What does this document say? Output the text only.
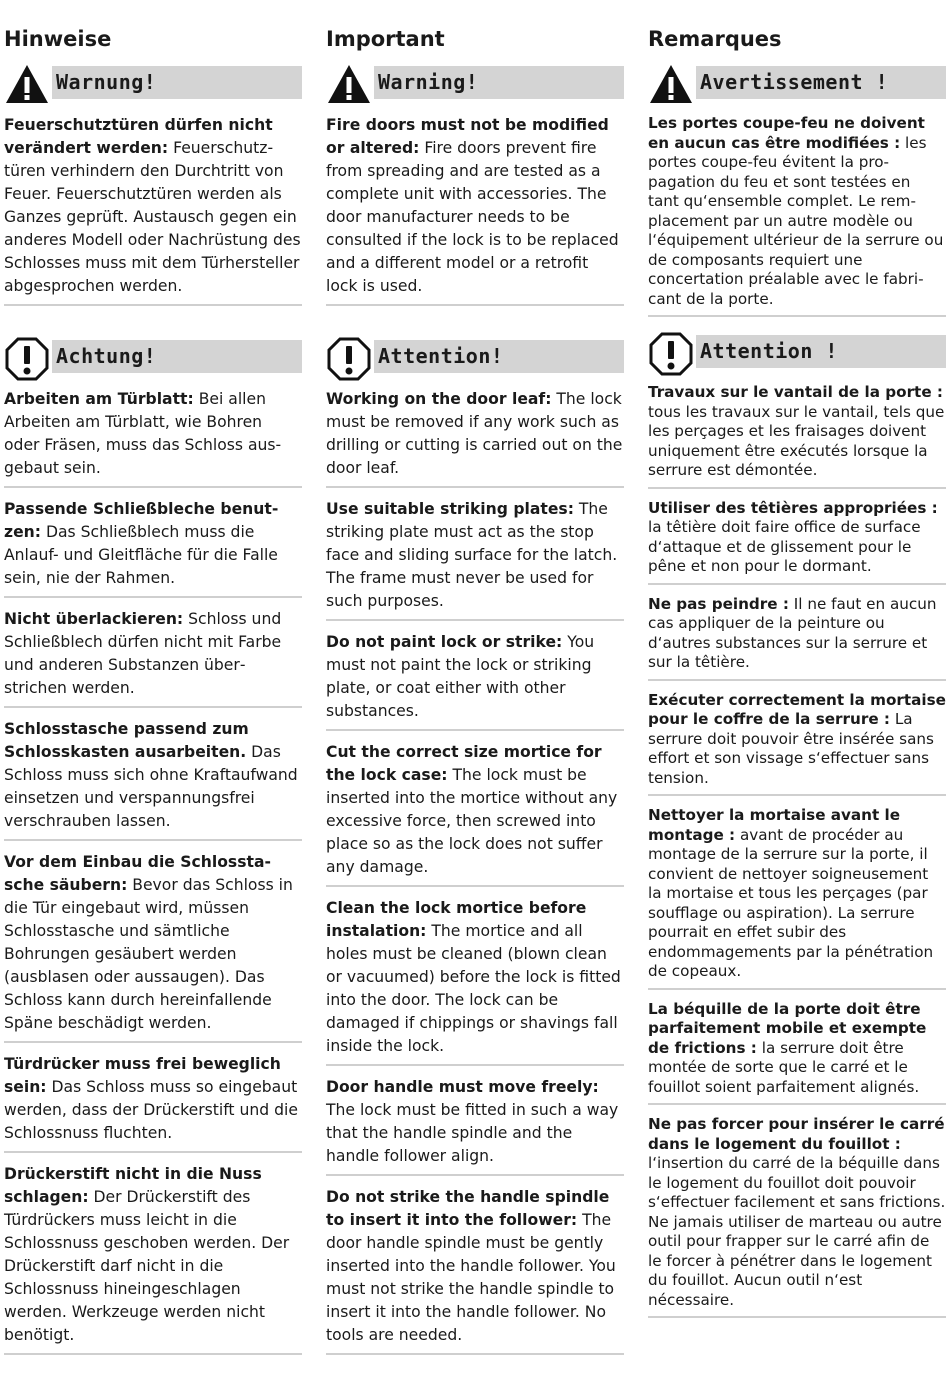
Hinweise
Warnung!

Feuerschutztüren dürfen nicht verändert werden: Feuerschutztüren verhindern den Durchtritt von Feuer. Feuerschutztüren werden als Ganzes geprüft. Austausch gegen ein anderes Modell oder Nachrüstung des Schlosses muss mit dem Türhersteller abgesprochen werden.

Achtung!

Arbeiten am Türblatt: Bei allen Arbeiten am Türblatt, wie Bohren oder Fräsen, muss das Schloss ausgebaut sein.

Passende Schließbleche benutzen: Das Schließblech muss die Anlauf- und Gleitfläche für die Falle sein, nie der Rahmen.

Nicht überlackieren: Schloss und Schließblech dürfen nicht mit Farbe und anderen Substanzen überstrichen werden.

Schlosstasche passend zum Schlosskasten ausarbeiten. Das Schloss muss sich ohne Kraftaufwand einsetzen und verspannungsfrei verschrauben lassen.

Vor dem Einbau die Schlosstasche säubern: Bevor das Schloss in die Tür eingebaut wird, müssen Schlosstasche und sämtliche Bohrungen gesäubert werden (ausblasen oder aussaugen). Das Schloss kann durch hereinfallende Späne beschädigt werden.

Türdrücker muss frei beweglich sein: Das Schloss muss so eingebaut werden, dass der Drückerstift und die Schlossnuss fluchten.

Drückerstift nicht in die Nuss schlagen: Der Drückerstift des Türdrückers muss leicht in die Schlossnuss geschoben werden. Der Drückerstift darf nicht in die Schlossnuss hineingeschlagen werden. Werkzeuge werden nicht benötigt.

Important
Warning!

Fire doors must not be modified or altered: Fire doors prevent fire from spreading and are tested as a complete unit with accessories. The door manufacturer needs to be consulted if the lock is to be replaced and a different model or a retrofit lock is used.

Attention!

Working on the door leaf: The lock must be removed if any work such as drilling or cutting is carried out on the door leaf.

Use suitable striking plates: The striking plate must act as the stop face and sliding surface for the latch. The frame must never be used for such purposes.

Do not paint lock or strike: You must not paint the lock or striking plate, or coat either with other substances.

Cut the correct size mortice for the lock case: The lock must be inserted into the mortice without any excessive force, then screwed into place so as the lock does not suffer any damage.

Clean the lock mortice before instalation: The mortice and all holes must be cleaned (blown clean or vacuumed) before the lock is fitted into the door. The lock can be damaged if chippings or shavings fall inside the lock.

Door handle must move freely: The lock must be fitted in such a way that the handle spindle and the handle follower align.

Do not strike the handle spindle to insert it into the follower: The door handle spindle must be gently inserted into the handle follower. You must not strike the handle spindle to insert it into the handle follower. No tools are needed.

Remarques
Avertissement !

Les portes coupe-feu ne doivent en aucun cas être modifiées : les portes coupe-feu évitent la propagation du feu et sont testées en tant qu‘ensemble complet. Le remplacement par un autre modèle ou l‘équipement ultérieur de la serrure ou de composants requiert une concertation préalable avec le fabricant de la porte.

Attention !

Travaux sur le vantail de la porte : tous les travaux sur le vantail, tels que les perçages et les fraisages doivent uniquement être exécutés lorsque la serrure est démontée.

Utiliser des têtières appropriées : la têtière doit faire office de surface d‘attaque et de glissement pour le pêne et non pour le dormant.

Ne pas peindre : Il ne faut en aucun cas appliquer de la peinture ou d‘autres substances sur la serrure et sur la têtière.

Exécuter correctement la mortaise pour le coffre de la serrure : La serrure doit pouvoir être insérée sans effort et son vissage s‘effectuer sans tension.

Nettoyer la mortaise avant le montage : avant de procéder au montage de la serrure sur la porte, il convient de nettoyer soigneusement la mortaise et tous les perçages (par soufflage ou aspiration). La serrure pourrait en effet subir des endommagements par la pénétration de copeaux.

La béquille de la porte doit être parfaitement mobile et exempte de frictions : la serrure doit être montée de sorte que le carré et le fouillot soient parfaitement alignés.

Ne pas forcer pour insérer le carré dans le logement du fouillot : l‘insertion du carré de la béquille dans le logement du fouillot doit pouvoir s‘effectuer facilement et sans frictions. Ne jamais utiliser de marteau ou autre outil pour frapper sur le carré afin de le forcer à pénétrer dans le logement du fouillot. Aucun outil n‘est nécessaire.
